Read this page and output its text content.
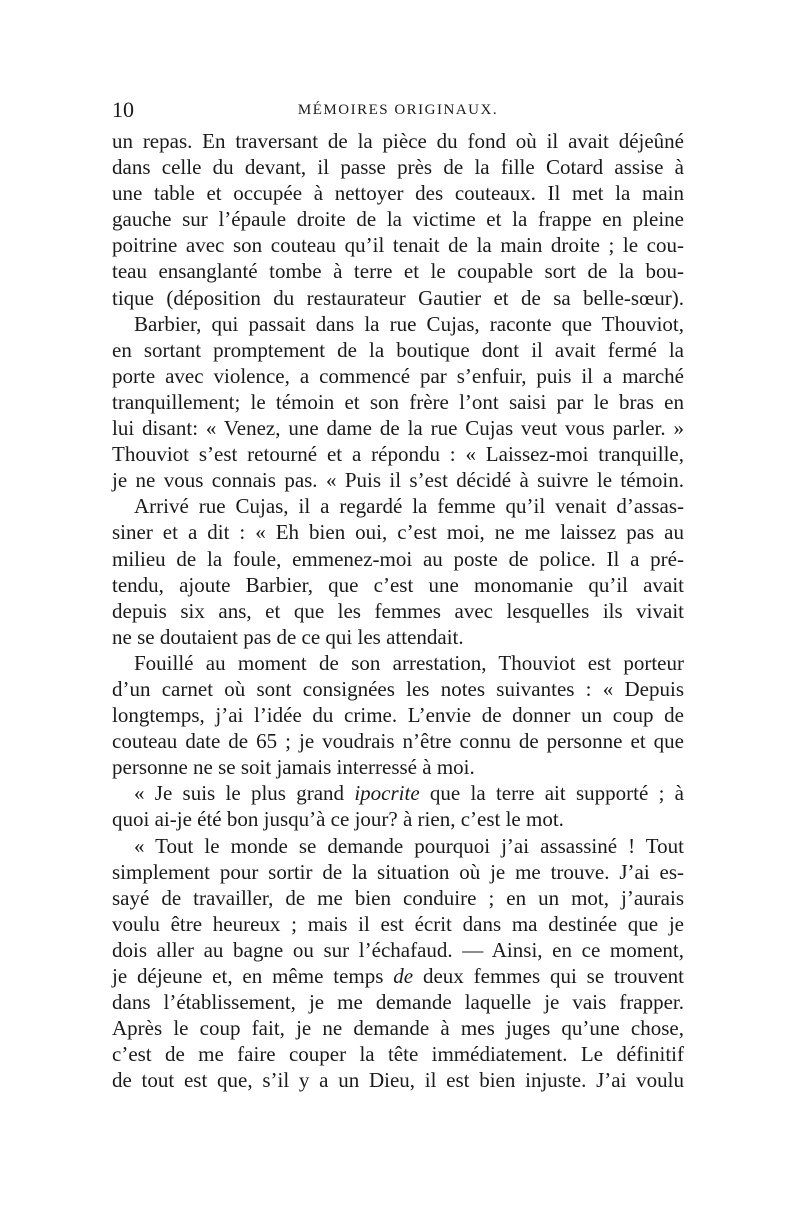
10	MÉMOIRES ORIGINAUX.
un repas. En traversant de la pièce du fond où il avait déjeûné
dans celle du devant, il passe près de la fille Cotard assise à
une table et occupée à nettoyer des couteaux. Il met la main
gauche sur l’épaule droite de la victime et la frappe en pleine
poitrine avec son couteau qu’il tenait de la main droite ; le cou-
teau ensanglanté tombe à terre et le coupable sort de la bou-
tique (déposition du restaurateur Gautier et de sa belle-sœur).
Barbier, qui passait dans la rue Cujas, raconte que Thouviot,
en sortant promptement de la boutique dont il avait fermé la
porte avec violence, a commencé par s’enfuir, puis il a marché
tranquillement; le témoin et son frère l’ont saisi par le bras en
lui disant: « Venez, une dame de la rue Cujas veut vous parler. »
Thouviot s’est retourné et a répondu : « Laissez-moi tranquille,
je ne vous connais pas. « Puis il s’est décidé à suivre le témoin.
Arrivé rue Cujas, il a regardé la femme qu’il venait d’assas-
siner et a dit : « Eh bien oui, c’est moi, ne me laissez pas au
milieu de la foule, emmenez-moi au poste de police. Il a pré-
tendu, ajoute Barbier, que c’est une monomanie qu’il avait
depuis six ans, et que les femmes avec lesquelles ils vivait
ne se doutaient pas de ce qui les attendait.
Fouillé au moment de son arrestation, Thouviot est porteur
d’un carnet où sont consignées les notes suivantes : « Depuis
longtemps, j’ai l’idée du crime. L’envie de donner un coup de
couteau date de 65 ; je voudrais n’être connu de personne et que
personne ne se soit jamais interressé à moi.
« Je suis le plus grand ipocrite que la terre ait supporté ; à
quoi ai-je été bon jusqu’à ce jour? à rien, c’est le mot.
« Tout le monde se demande pourquoi j’ai assassiné ! Tout
simplement pour sortir de la situation où je me trouve. J’ai es-
sayé de travailler, de me bien conduire ; en un mot, j’aurais
voulu être heureux ; mais il est écrit dans ma destinée que je
dois aller au bagne ou sur l’échafaud. — Ainsi, en ce moment,
je déjeune et, en même temps de deux femmes qui se trouvent
dans l’établissement, je me demande laquelle je vais frapper.
Après le coup fait, je ne demande à mes juges qu’une chose,
c’est de me faire couper la tête immédiatement. Le définitif
de tout est que, s’il y a un Dieu, il est bien injuste. J’ai voulu
